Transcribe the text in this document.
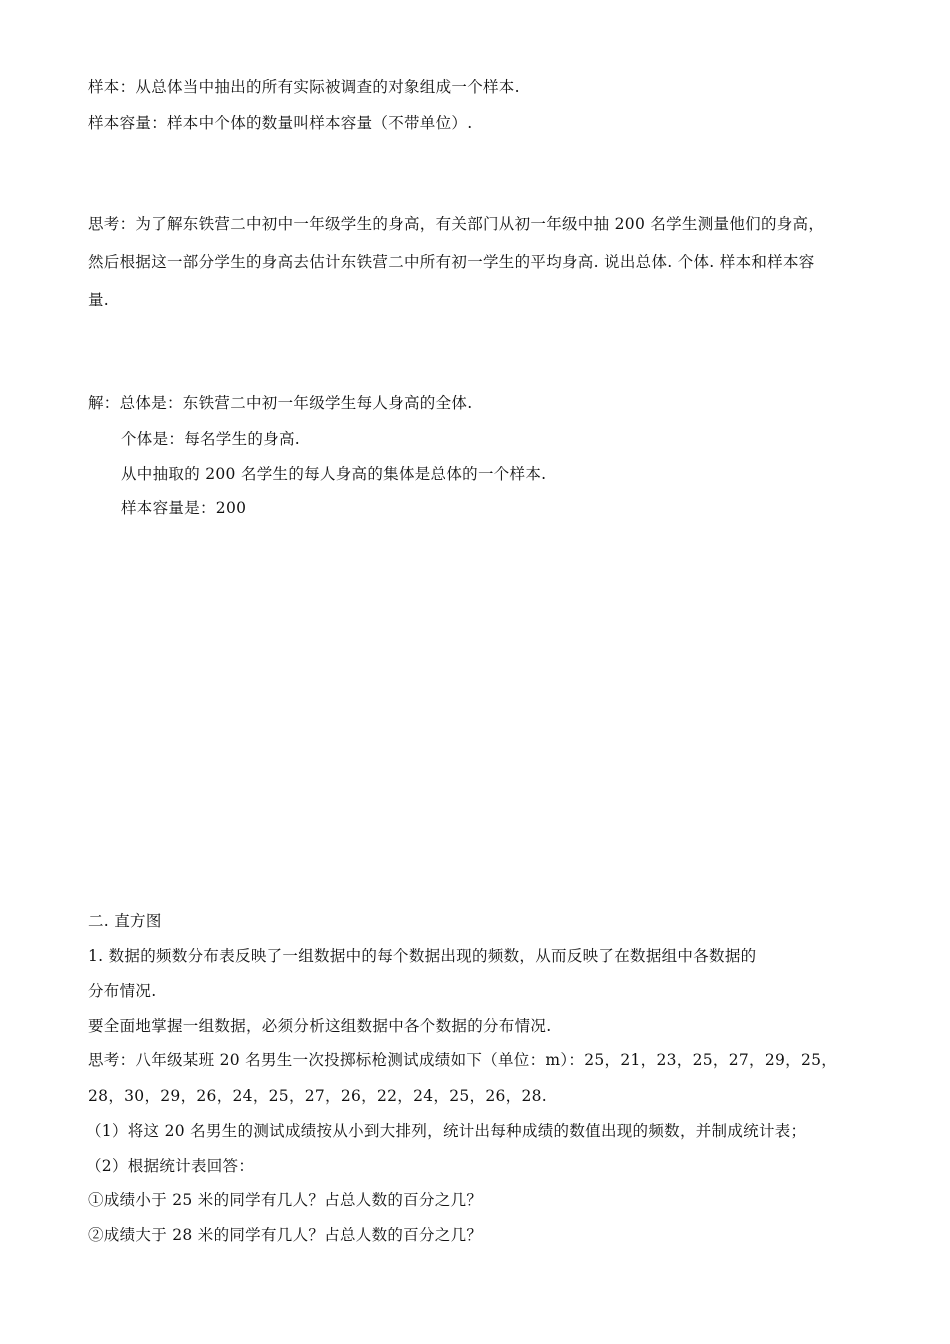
样本：从总体当中抽出的所有实际被调查的对象组成一个样本.
样本容量：样本中个体的数量叫样本容量（不带单位）.
思考：为了解东铁营二中初中一年级学生的身高，有关部门从初一年级中抽 200 名学生测量他们的身高，
然后根据这一部分学生的身高去估计东铁营二中所有初一学生的平均身高. 说出总体. 个体. 样本和样本容
量.
解：总体是：东铁营二中初一年级学生每人身高的全体.
个体是：每名学生的身高.
从中抽取的 200 名学生的每人身高的集体是总体的一个样本.
样本容量是：200
二. 直方图
1. 数据的频数分布表反映了一组数据中的每个数据出现的频数，从而反映了在数据组中各数据的
分布情况.
要全面地掌握一组数据，必须分析这组数据中各个数据的分布情况.
思考：八年级某班 20 名男生一次投掷标枪测试成绩如下（单位：m）：25，21，23，25，27，29，25，
28，30，29，26，24，25，27，26，22，24，25，26，28.
（1）将这 20 名男生的测试成绩按从小到大排列，统计出每种成绩的数值出现的频数，并制成统计表；
（2）根据统计表回答：
①成绩小于 25 米的同学有几人？占总人数的百分之几？
②成绩大于 28 米的同学有几人？占总人数的百分之几？
